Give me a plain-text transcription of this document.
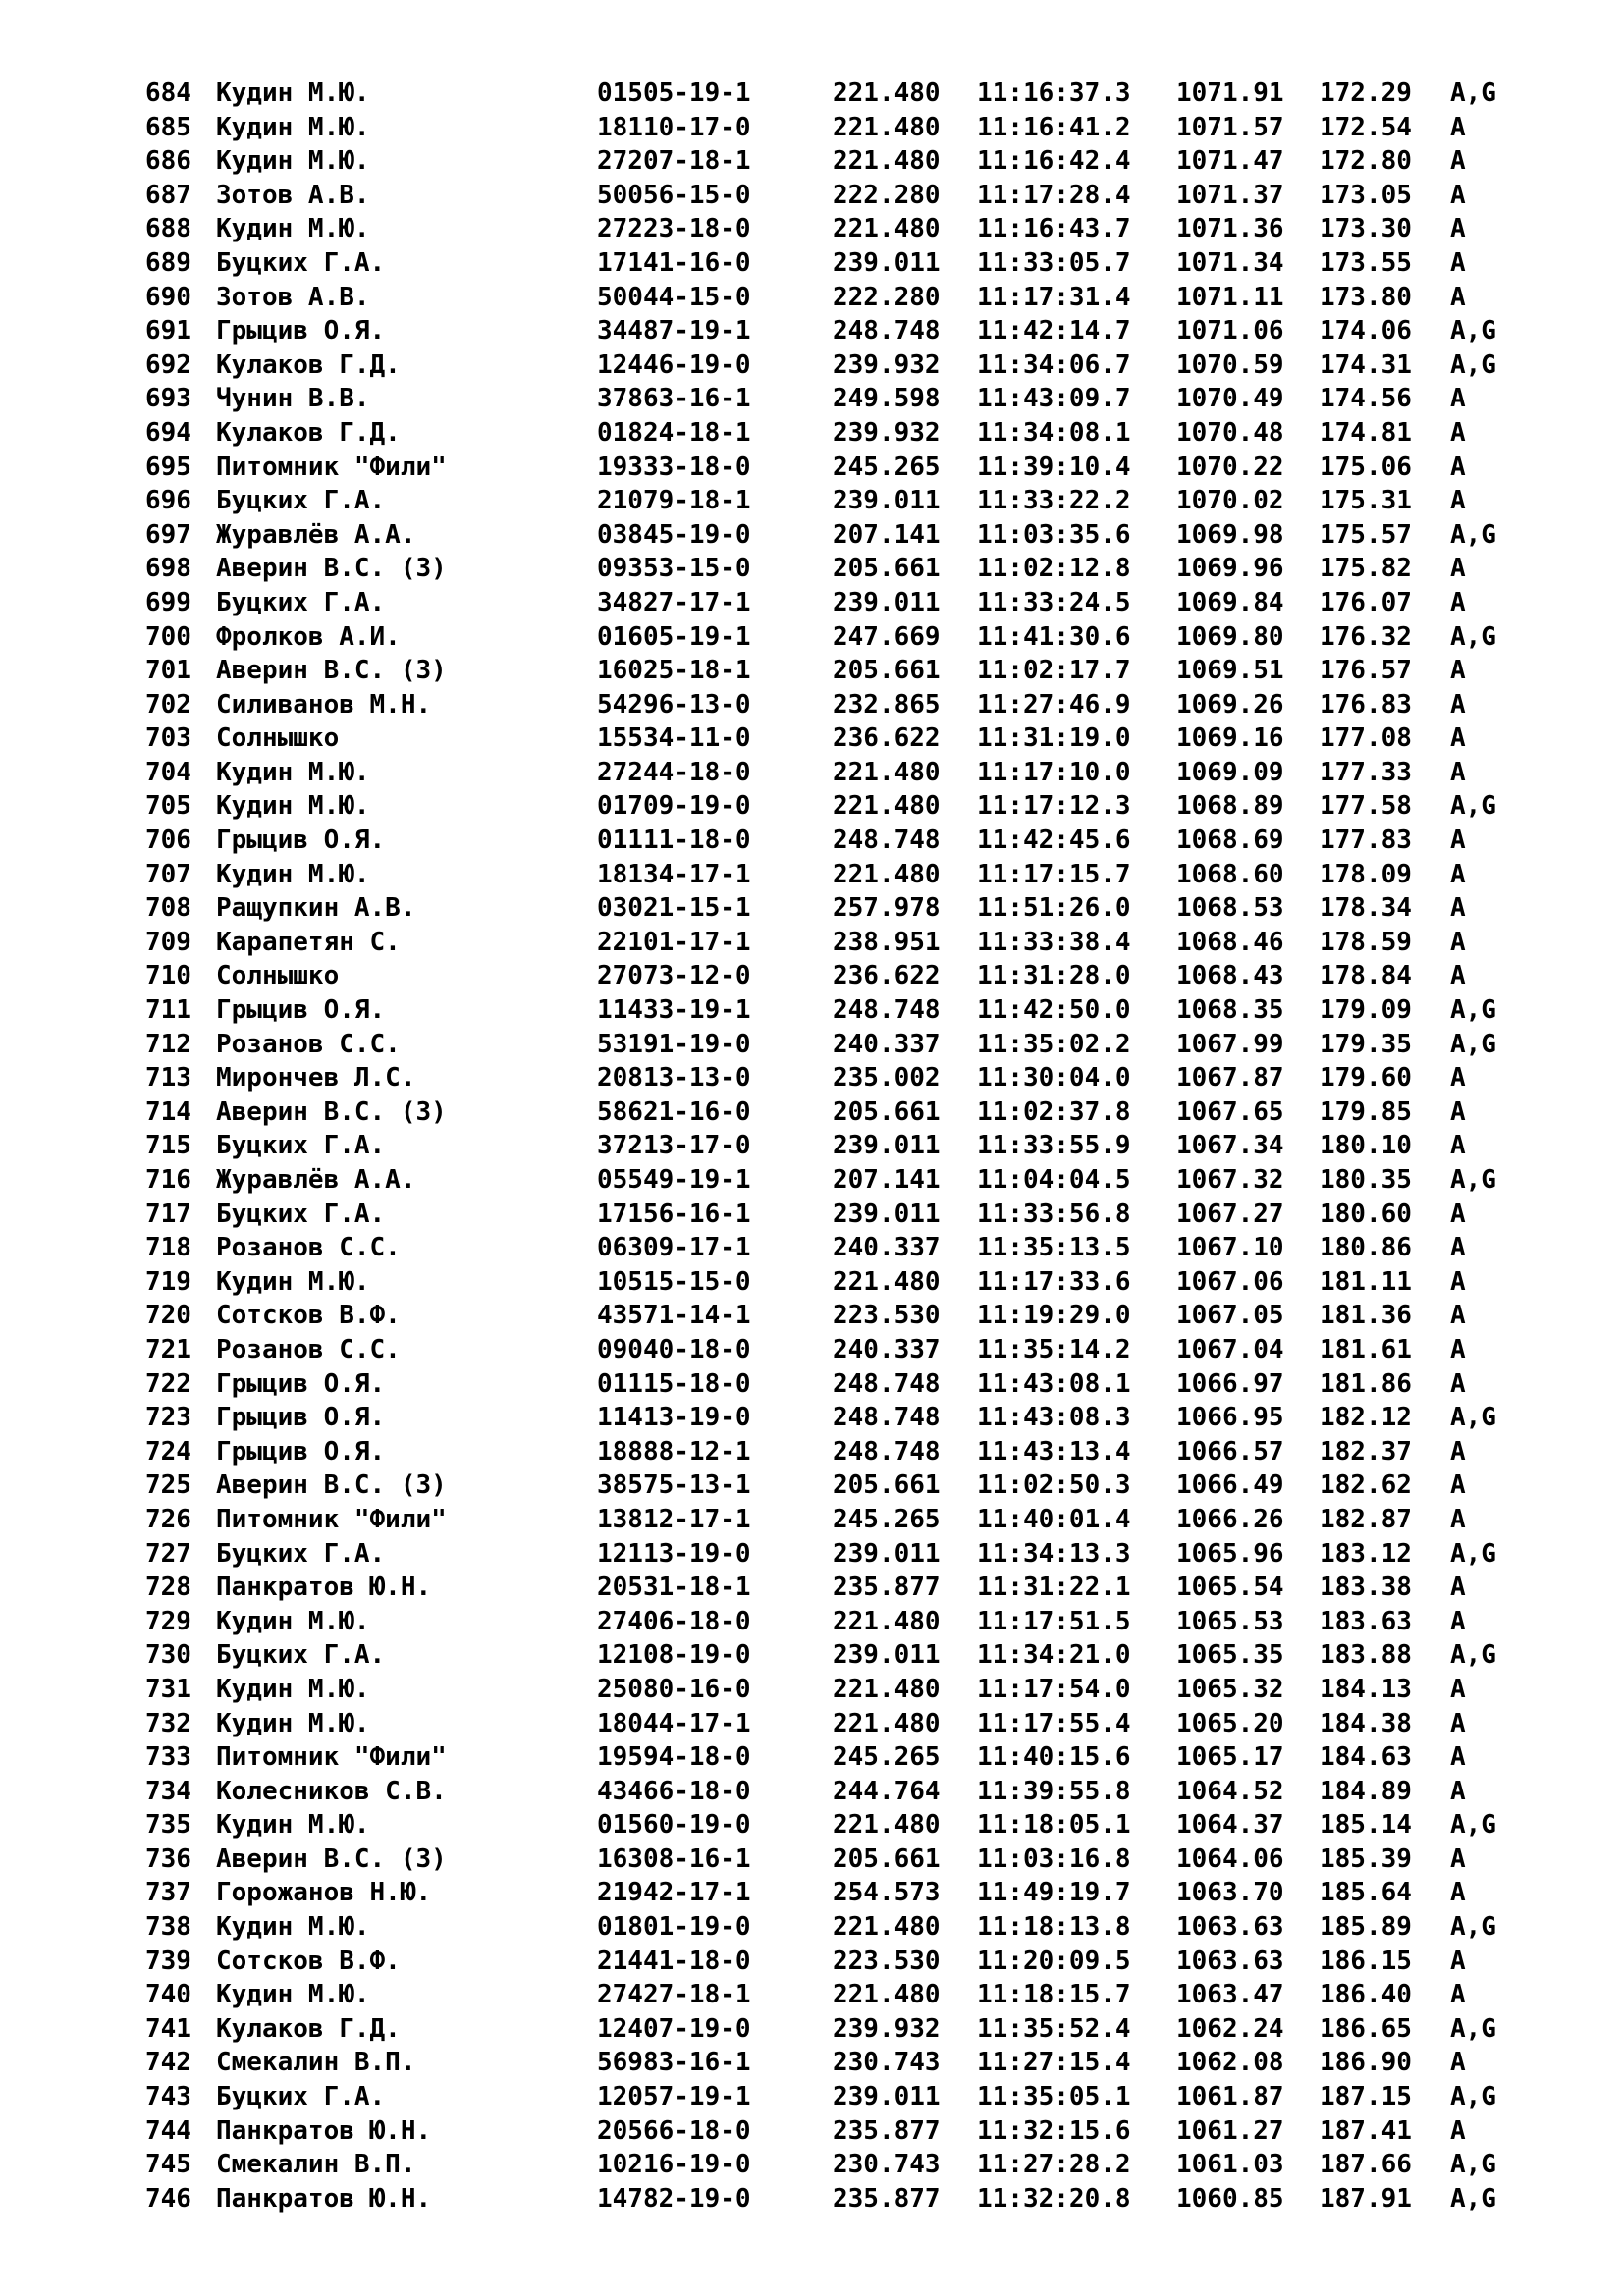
684 Кудин М.Ю.	01505-19-1	221.480 11:16:37.3 1071.91 172.29 A,G
685 Кудин М.Ю.	18110-17-0	221.480 11:16:41.2 1071.57 172.54 A
686 Кудин М.Ю.	27207-18-1	221.480 11:16:42.4 1071.47 172.80 A
687 Зотов А.В.	50056-15-0	222.280 11:17:28.4 1071.37 173.05 A
688 Кудин М.Ю.	27223-18-0	221.480 11:16:43.7 1071.36 173.30 A
689 Буцких Г.А.	17141-16-0	239.011 11:33:05.7 1071.34 173.55 A
690 Зотов А.В.	50044-15-0	222.280 11:17:31.4 1071.11 173.80 A
691 Грыцив О.Я.	34487-19-1	248.748 11:42:14.7 1071.06 174.06 A,G
692 Кулаков Г.Д.	12446-19-0	239.932 11:34:06.7 1070.59 174.31 A,G
693 Чунин В.В.	37863-16-1	249.598 11:43:09.7 1070.49 174.56 A
694 Кулаков Г.Д.	01824-18-1	239.932 11:34:08.1 1070.48 174.81 A
695 Питомник "Фили"	19333-18-0	245.265 11:39:10.4 1070.22 175.06 A
696 Буцких Г.А.	21079-18-1	239.011 11:33:22.2 1070.02 175.31 A
697 Журавлёв А.А.	03845-19-0	207.141 11:03:35.6 1069.98 175.57 A,G
698 Аверин В.С. (З)	09353-15-0	205.661 11:02:12.8 1069.96 175.82 A
699 Буцких Г.А.	34827-17-1	239.011 11:33:24.5 1069.84 176.07 A
700 Фролков А.И.	01605-19-1	247.669 11:41:30.6 1069.80 176.32 A,G
701 Аверин В.С. (З)	16025-18-1	205.661 11:02:17.7 1069.51 176.57 A
702 Силиванов М.Н.	54296-13-0	232.865 11:27:46.9 1069.26 176.83 A
703 Солнышко	15534-11-0	236.622 11:31:19.0 1069.16 177.08 A
704 Кудин М.Ю.	27244-18-0	221.480 11:17:10.0 1069.09 177.33 A
705 Кудин М.Ю.	01709-19-0	221.480 11:17:12.3 1068.89 177.58 A,G
706 Грыцив О.Я.	01111-18-0	248.748 11:42:45.6 1068.69 177.83 A
707 Кудин М.Ю.	18134-17-1	221.480 11:17:15.7 1068.60 178.09 A
708 Ращупкин А.В.	03021-15-1	257.978 11:51:26.0 1068.53 178.34 A
709 Карапетян С.	22101-17-1	238.951 11:33:38.4 1068.46 178.59 A
710 Солнышко	27073-12-0	236.622 11:31:28.0 1068.43 178.84 A
711 Грыцив О.Я.	11433-19-1	248.748 11:42:50.0 1068.35 179.09 A,G
712 Розанов С.С.	53191-19-0	240.337 11:35:02.2 1067.99 179.35 A,G
713 Мирончев Л.С.	20813-13-0	235.002 11:30:04.0 1067.87 179.60 A
714 Аверин В.С. (З)	58621-16-0	205.661 11:02:37.8 1067.65 179.85 A
715 Буцких Г.А.	37213-17-0	239.011 11:33:55.9 1067.34 180.10 A
716 Журавлёв А.А.	05549-19-1	207.141 11:04:04.5 1067.32 180.35 A,G
717 Буцких Г.А.	17156-16-1	239.011 11:33:56.8 1067.27 180.60 A
718 Розанов С.С.	06309-17-1	240.337 11:35:13.5 1067.10 180.86 A
719 Кудин М.Ю.	10515-15-0	221.480 11:17:33.6 1067.06 181.11 A
720 Сотсков В.Ф.	43571-14-1	223.530 11:19:29.0 1067.05 181.36 A
721 Розанов С.С.	09040-18-0	240.337 11:35:14.2 1067.04 181.61 A
722 Грыцив О.Я.	01115-18-0	248.748 11:43:08.1 1066.97 181.86 A
723 Грыцив О.Я.	11413-19-0	248.748 11:43:08.3 1066.95 182.12 A,G
724 Грыцив О.Я.	18888-12-1	248.748 11:43:13.4 1066.57 182.37 A
725 Аверин В.С. (З)	38575-13-1	205.661 11:02:50.3 1066.49 182.62 A
726 Питомник "Фили"	13812-17-1	245.265 11:40:01.4 1066.26 182.87 A
727 Буцких Г.А.	12113-19-0	239.011 11:34:13.3 1065.96 183.12 A,G
728 Панкратов Ю.Н.	20531-18-1	235.877 11:31:22.1 1065.54 183.38 A
729 Кудин М.Ю.	27406-18-0	221.480 11:17:51.5 1065.53 183.63 A
730 Буцких Г.А.	12108-19-0	239.011 11:34:21.0 1065.35 183.88 A,G
731 Кудин М.Ю.	25080-16-0	221.480 11:17:54.0 1065.32 184.13 A
732 Кудин М.Ю.	18044-17-1	221.480 11:17:55.4 1065.20 184.38 A
733 Питомник "Фили"	19594-18-0	245.265 11:40:15.6 1065.17 184.63 A
734 Колесников С.В.	43466-18-0	244.764 11:39:55.8 1064.52 184.89 A
735 Кудин М.Ю.	01560-19-0	221.480 11:18:05.1 1064.37 185.14 A,G
736 Аверин В.С. (З)	16308-16-1	205.661 11:03:16.8 1064.06 185.39 A
737 Горожанов Н.Ю.	21942-17-1	254.573 11:49:19.7 1063.70 185.64 A
738 Кудин М.Ю.	01801-19-0	221.480 11:18:13.8 1063.63 185.89 A,G
739 Сотсков В.Ф.	21441-18-0	223.530 11:20:09.5 1063.63 186.15 A
740 Кудин М.Ю.	27427-18-1	221.480 11:18:15.7 1063.47 186.40 A
741 Кулаков Г.Д.	12407-19-0	239.932 11:35:52.4 1062.24 186.65 A,G
742 Смекалин В.П.	56983-16-1	230.743 11:27:15.4 1062.08 186.90 A
743 Буцких Г.А.	12057-19-1	239.011 11:35:05.1 1061.87 187.15 A,G
744 Панкратов Ю.Н.	20566-18-0	235.877 11:32:15.6 1061.27 187.41 A
745 Смекалин В.П.	10216-19-0	230.743 11:27:28.2 1061.03 187.66 A,G
746 Панкратов Ю.Н.	14782-19-0	235.877 11:32:20.8 1060.85 187.91 A,G
